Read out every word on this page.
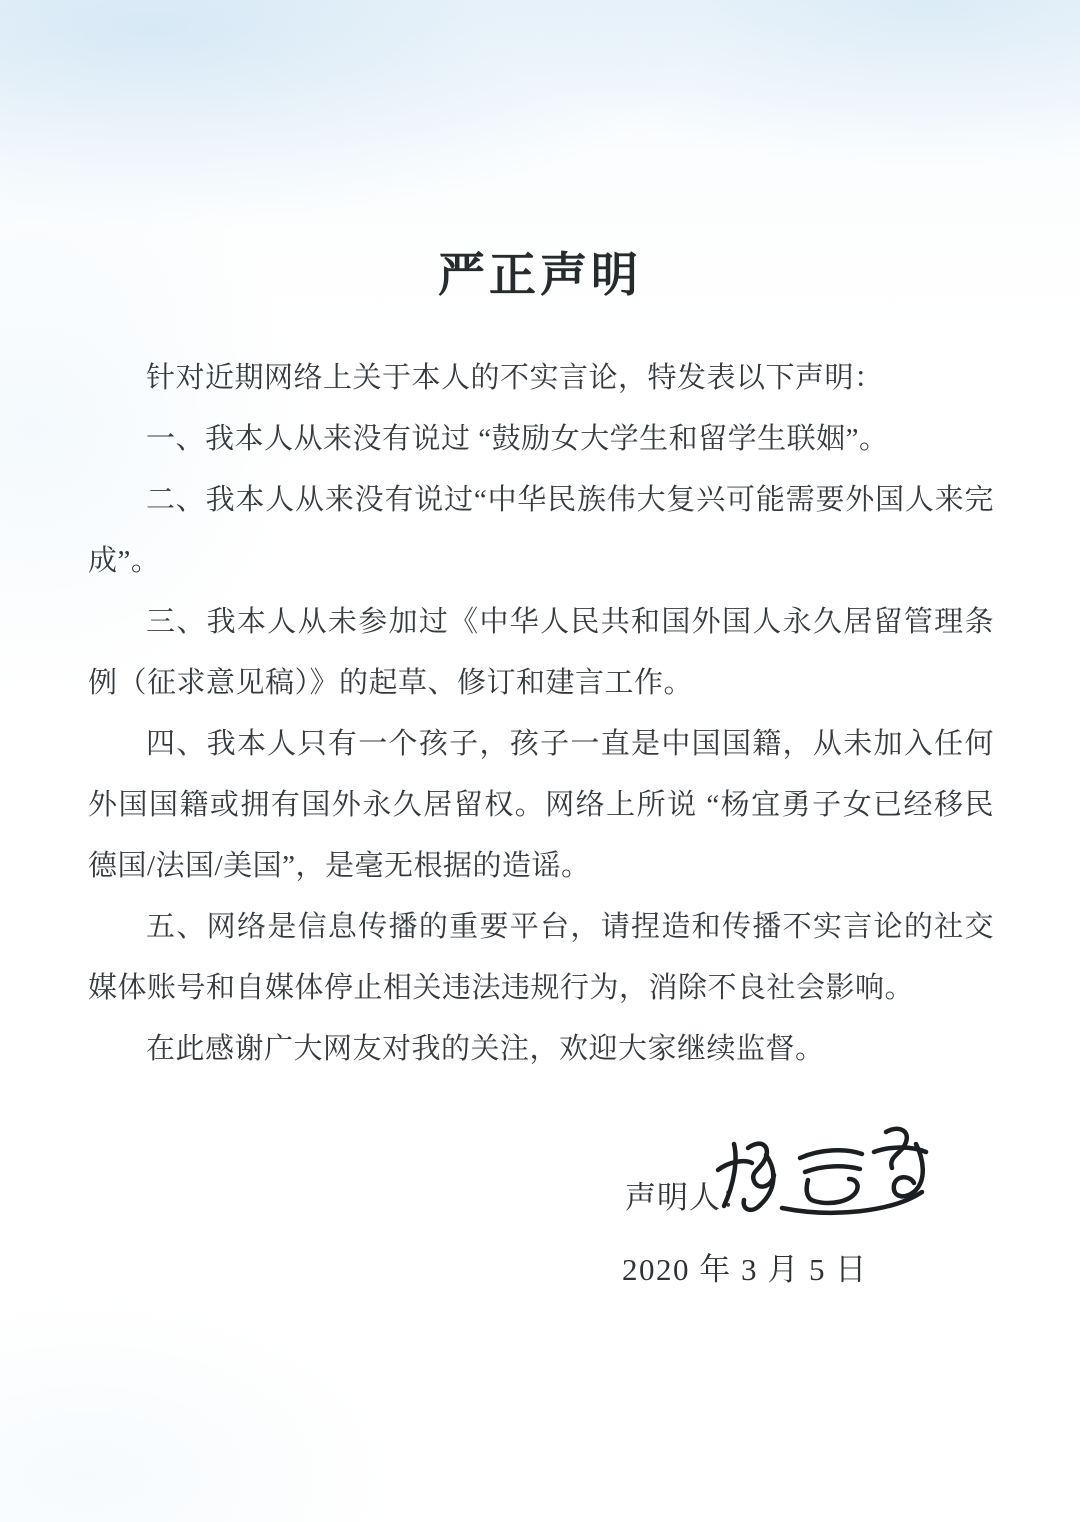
严正声明

针对近期网络上关于本人的不实言论，特发表以下声明：

一、我本人从来没有说过 “鼓励女大学生和留学生联姻”。

二、我本人从来没有说过“中华民族伟大复兴可能需要外国人来完成”。

三、我本人从未参加过《中华人民共和国外国人永久居留管理条例（征求意见稿）》的起草、修订和建言工作。

四、我本人只有一个孩子，孩子一直是中国国籍，从未加入任何外国国籍或拥有国外永久居留权。网络上所说 “杨宜勇子女已经移民德国/法国/美国”，是毫无根据的造谣。

五、网络是信息传播的重要平台，请捏造和传播不实言论的社交媒体账号和自媒体停止相关违法违规行为，消除不良社会影响。

在此感谢广大网友对我的关注，欢迎大家继续监督。

声明人：
2020 年 3 月 5 日
